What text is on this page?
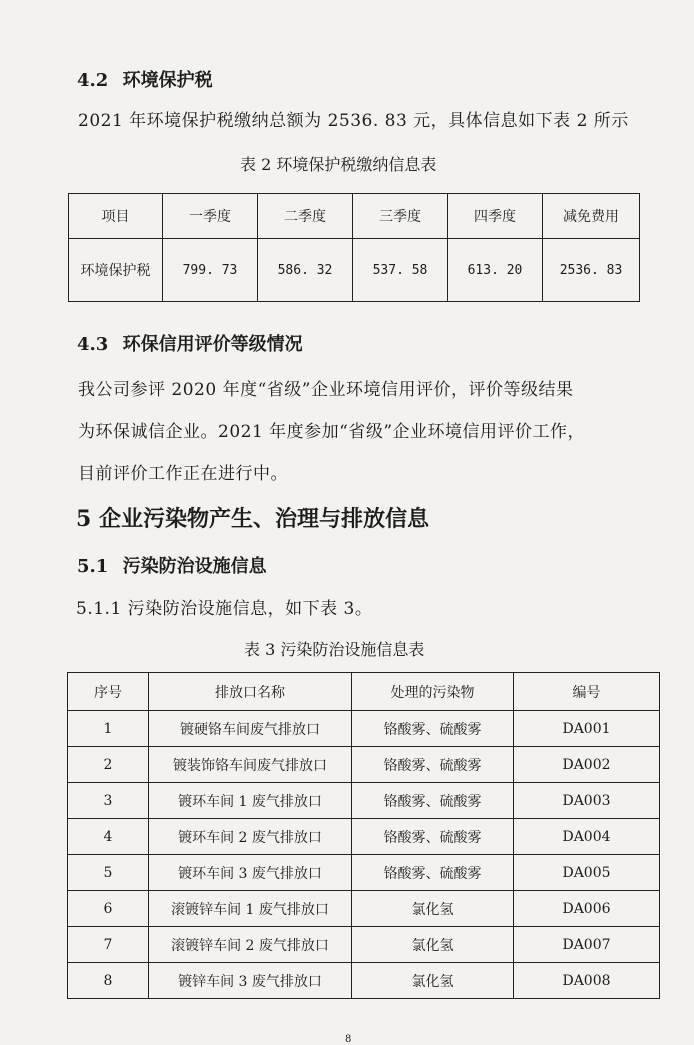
4.2 环境保护税
2021 年环境保护税缴纳总额为 2536. 83 元，具体信息如下表 2 所示
表 2 环境保护税缴纳信息表
项目	一季度	二季度	三季度	四季度	减免费用
环境保护税	799. 73	586. 32	537. 58	613. 20	2536. 83
4.3 环保信用评价等级情况
我公司参评 2020 年度“省级”企业环境信用评价，评价等级结果
为环保诚信企业。2021 年度参加“省级”企业环境信用评价工作，
目前评价工作正在进行中。
5 企业污染物产生、治理与排放信息
5.1 污染防治设施信息
5.1.1 污染防治设施信息，如下表 3。
表 3 污染防治设施信息表
序号	排放口名称	处理的污染物	编号
1	镀硬铬车间废气排放口	铬酸雾、硫酸雾	DA001
2	镀装饰铬车间废气排放口	铬酸雾、硫酸雾	DA002
3	镀环车间 1 废气排放口	铬酸雾、硫酸雾	DA003
4	镀环车间 2 废气排放口	铬酸雾、硫酸雾	DA004
5	镀环车间 3 废气排放口	铬酸雾、硫酸雾	DA005
6	滚镀锌车间 1 废气排放口	氯化氢	DA006
7	滚镀锌车间 2 废气排放口	氯化氢	DA007
8	镀锌车间 3 废气排放口	氯化氢	DA008
8
